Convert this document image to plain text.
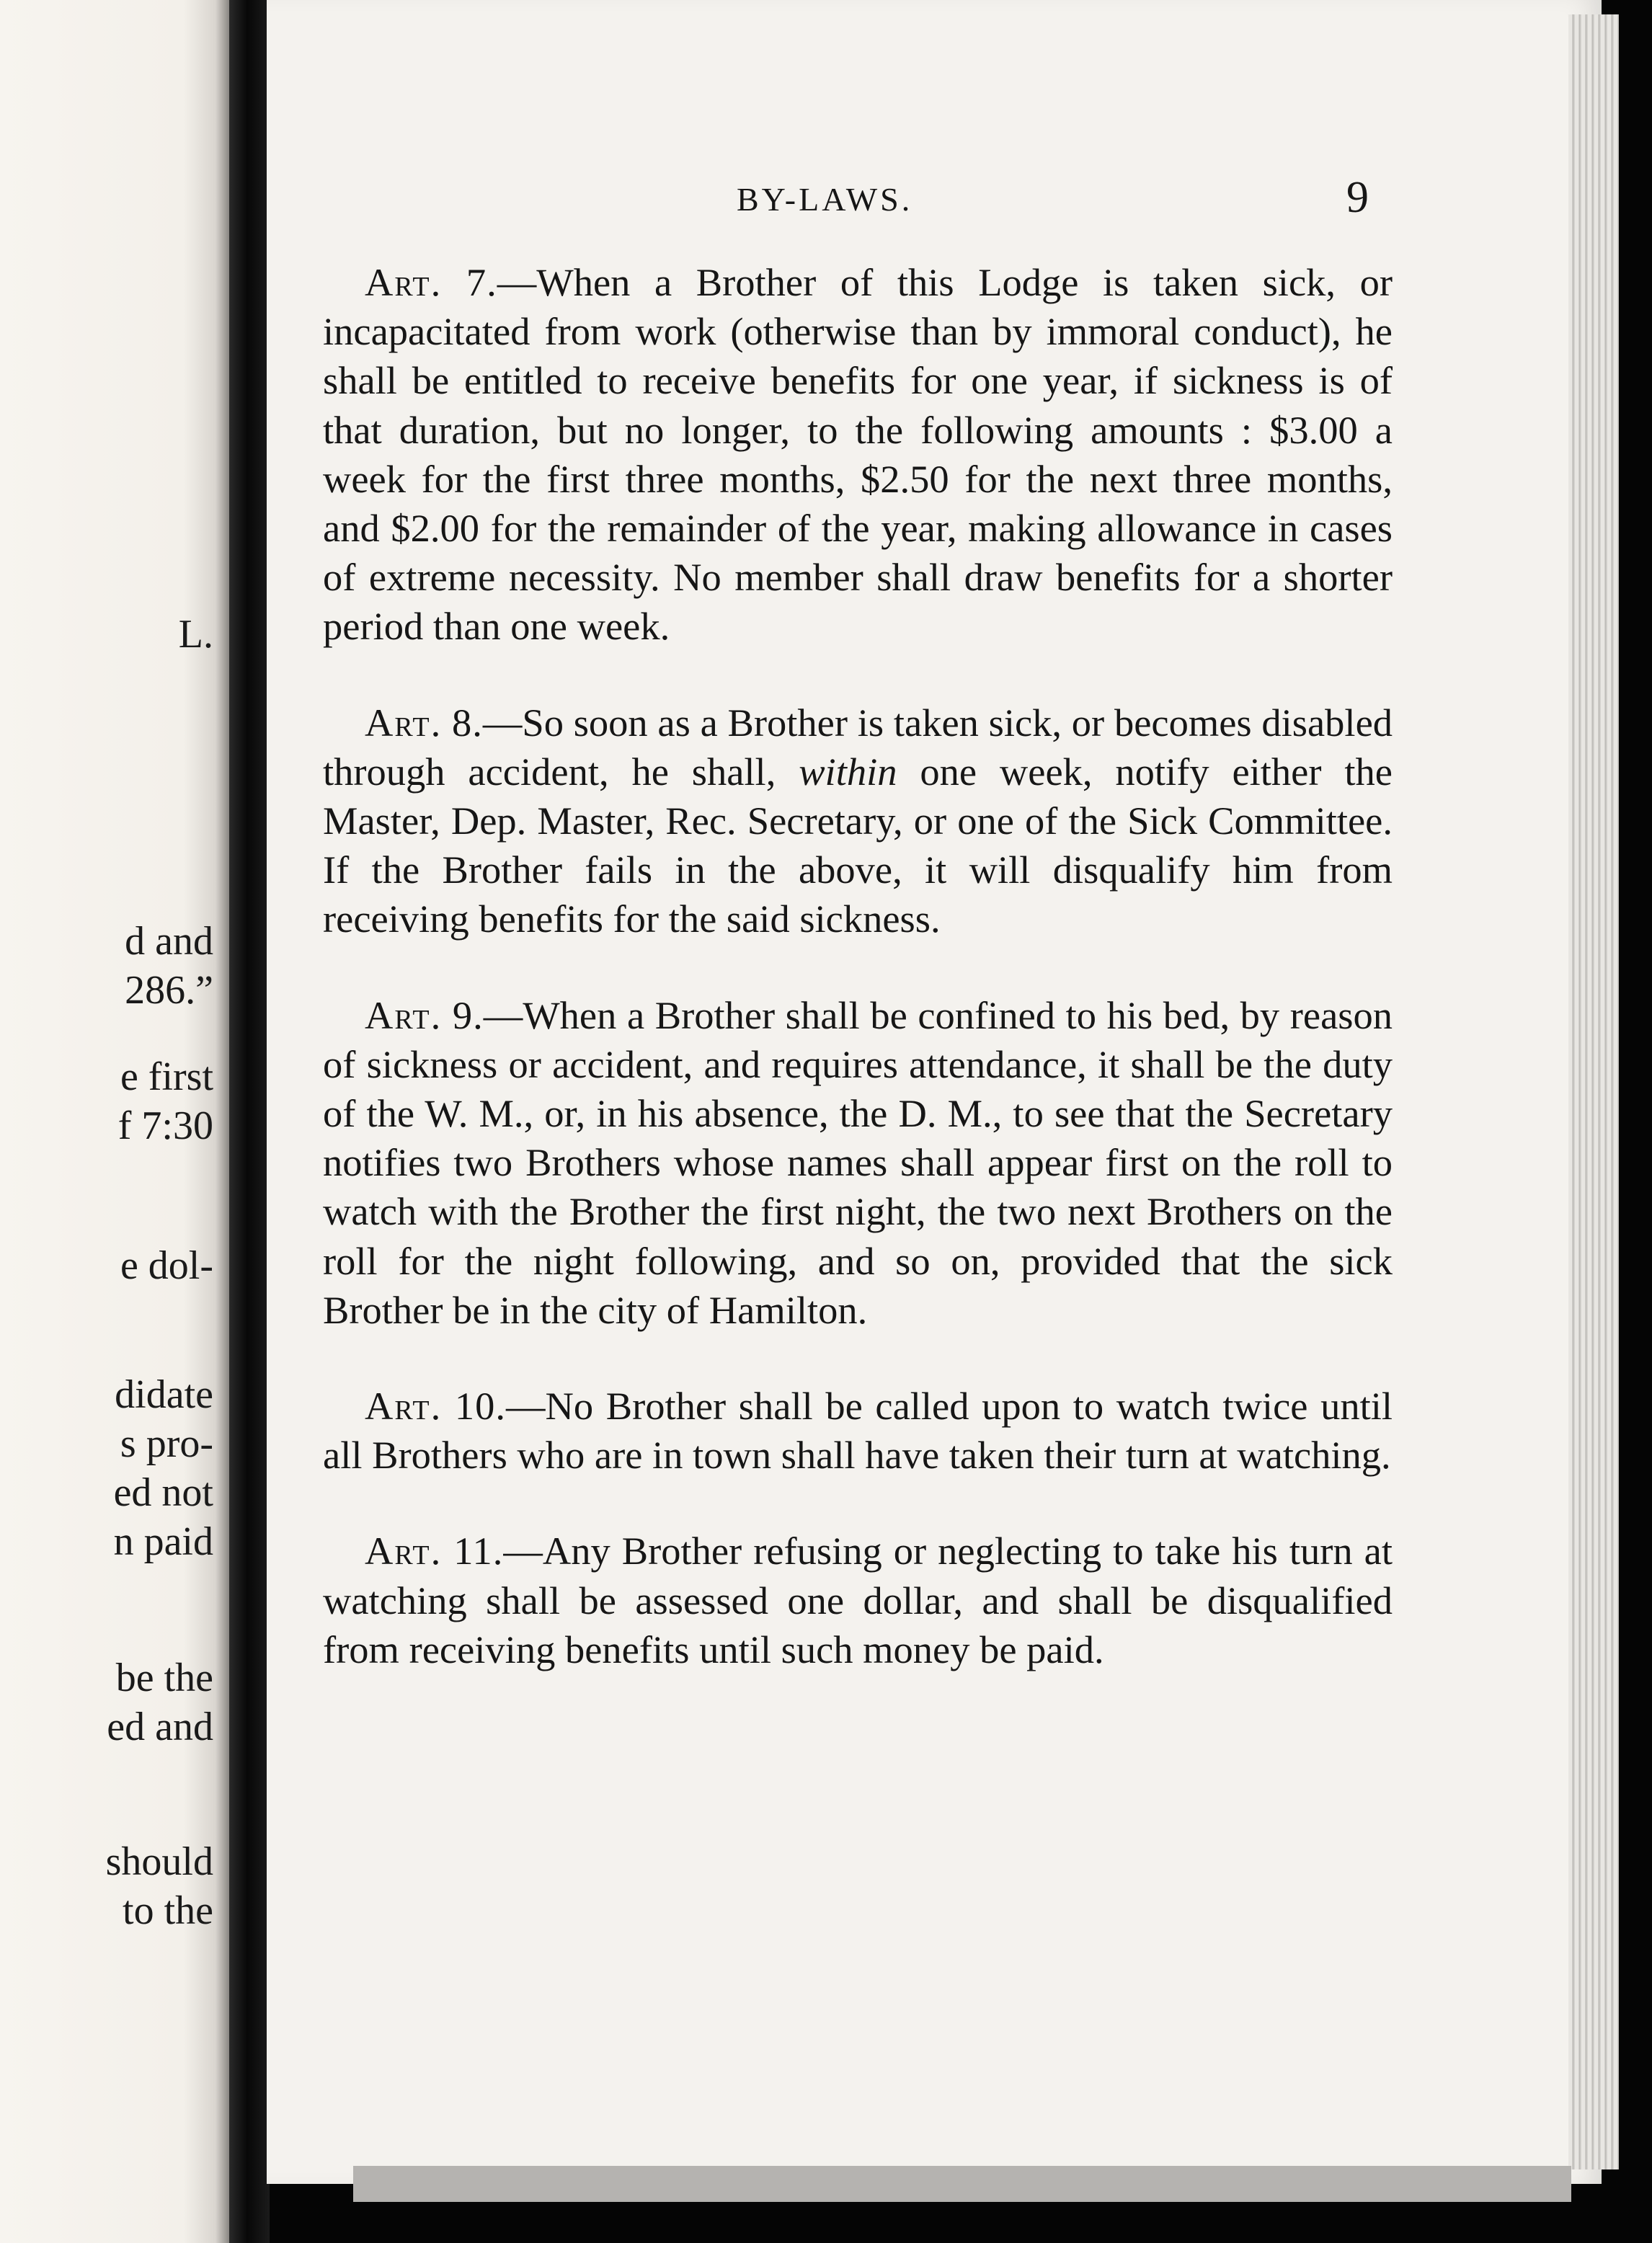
L.
d and
286.”
e first
f 7:30
e dol-
didate
s pro-
ed not
n paid
be the
ed and
should
to the
BY-LAWS.	9

Art. 7.—When a Brother of this Lodge is taken sick, or incapacitated from work (otherwise than by immoral conduct), he shall be entitled to receive benefits for one year, if sickness is of that duration, but no longer, to the following amounts : $3.00 a week for the first three months, $2.50 for the next three months, and $2.00 for the remainder of the year, making allowance in cases of extreme necessity. No member shall draw benefits for a shorter period than one week.

Art. 8.—So soon as a Brother is taken sick, or becomes disabled through accident, he shall, within one week, notify either the Master, Dep. Master, Rec. Secretary, or one of the Sick Committee. If the Brother fails in the above, it will disqualify him from receiving benefits for the said sickness.

Art. 9.—When a Brother shall be confined to his bed, by reason of sickness or accident, and requires attendance, it shall be the duty of the W. M., or, in his absence, the D. M., to see that the Secretary notifies two Brothers whose names shall appear first on the roll to watch with the Brother the first night, the two next Brothers on the roll for the night following, and so on, provided that the sick Brother be in the city of Hamilton.

Art. 10.—No Brother shall be called upon to watch twice until all Brothers who are in town shall have taken their turn at watching.

Art. 11.—Any Brother refusing or neglecting to take his turn at watching shall be assessed one dollar, and shall be disqualified from receiving benefits until such money be paid.
